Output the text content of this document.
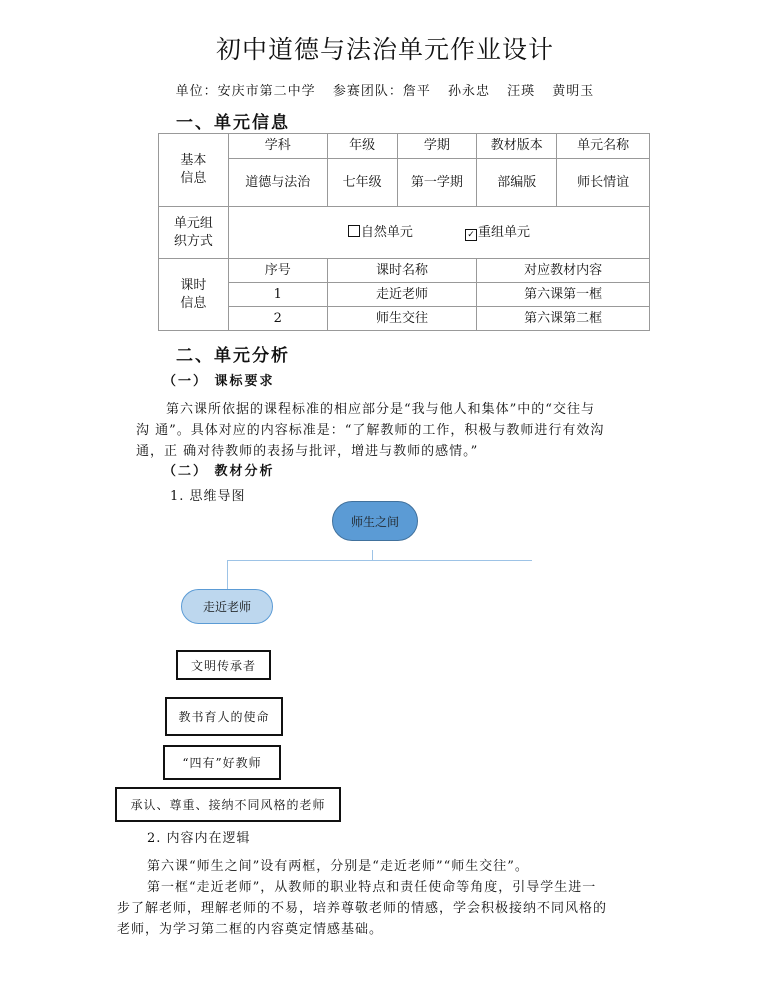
初中道德与法治单元作业设计
单位：安庆市第二中学 参赛团队：詹平 孙永忠 汪瑛 黄明玉
一、单元信息
基本
信息	学科	年级	学期	教材版本	单元名称
	道德与法治	七年级	第一学期	部编版	师长情谊
单元组
织方式	自然单元 ✓ 重组单元				
课时
信息	序号	课时名称		对应教材内容	
	1	走近老师		第六课第一框	
	2	师生交往		第六课第二框	
二、单元分析
（一） 课标要求
第六课所依据的课程标准的相应部分是“我与他人和集体”中的“交往与
沟 通”。具体对应的内容标准是：“了解教师的工作，积极与教师进行有效沟
通，正 确对待教师的表扬与批评，增进与教师的感情。”
（二） 教材分析
1. 思维导图
师生之间
走近老师
文明传承者
教书育人的使命
“四有”好教师
承认、尊重、接纳不同风格的老师
2. 内容内在逻辑
第六课“师生之间”设有两框，分别是“走近老师”“师生交往”。
第一框“走近老师”，从教师的职业特点和责任使命等角度，引导学生进一
步了解老师，理解老师的不易，培养尊敬老师的情感，学会积极接纳不同风格的
老师，为学习第二框的内容奠定情感基础。
